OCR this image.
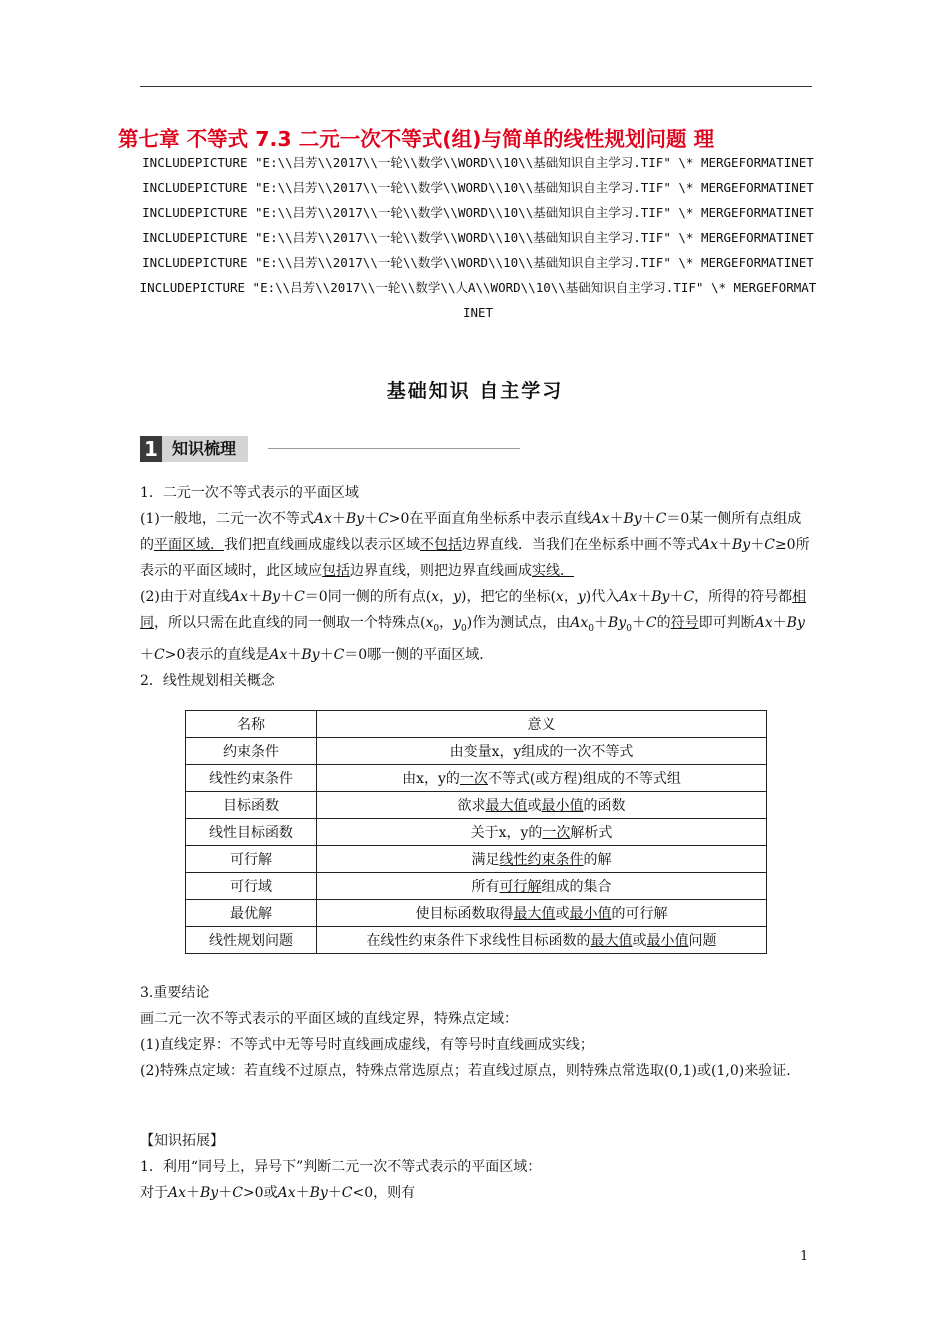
第七章 不等式 7.3 二元一次不等式(组)与简单的线性规划问题 理
INCLUDEPICTURE "E:\\吕芳\\2017\\一轮\\数学\\WORD\\10\\基础知识自主学习.TIF" \* MERGEFORMATINET INCLUDEPICTURE "E:\\吕芳\\2017\\一轮\\数学\\WORD\\10\\基础知识自主学习.TIF" \* MERGEFORMATINET INCLUDEPICTURE "E:\\吕芳\\2017\\一轮\\数学\\WORD\\10\\基础知识自主学习.TIF" \* MERGEFORMATINET INCLUDEPICTURE "E:\\吕芳\\2017\\一轮\\数学\\WORD\\10\\基础知识自主学习.TIF" \* MERGEFORMATINET INCLUDEPICTURE "E:\\吕芳\\2017\\一轮\\数学\\WORD\\10\\基础知识自主学习.TIF" \* MERGEFORMATINET INCLUDEPICTURE "E:\\吕芳\\2017\\一轮\\数学\\人A\\WORD\\10\\基础知识自主学习.TIF" \* MERGEFORMATINET
基础知识 自主学习
1 知识梳理

1．二元一次不等式表示的平面区域

(1)一般地，二元一次不等式Ax＋By＋C>0在平面直角坐标系中表示直线Ax＋By＋C＝0某一侧所有点组成的平面区域．我们把直线画成虚线以表示区域不包括边界直线．当我们在坐标系中画不等式Ax＋By＋C≥0所表示的平面区域时，此区域应包括边界直线，则把边界直线画成实线．

(2)由于对直线Ax＋By＋C＝0同一侧的所有点(x，y)，把它的坐标(x，y)代入Ax＋By＋C，所得的符号都相同，所以只需在此直线的同一侧取一个特殊点($x_0$，$y_0$)作为测试点，由$Ax_0+By_0+C$的符号即可判断Ax＋By＋C>0表示的直线是Ax＋By＋C＝0哪一侧的平面区域．

2．线性规划相关概念

名称	意义
约束条件	由变量x，y组成的一次不等式
线性约束条件	由x，y的一次不等式(或方程)组成的不等式组
目标函数	欲求最大值或最小值的函数
线性目标函数	关于x，y的一次解析式
可行解	满足线性约束条件的解
可行域	所有可行解组成的集合
最优解	使目标函数取得最大值或最小值的可行解
线性规划问题	在线性约束条件下求线性目标函数的最大值或最小值问题

3.重要结论

画二元一次不等式表示的平面区域的直线定界，特殊点定域：

(1)直线定界：不等式中无等号时直线画成虚线，有等号时直线画成实线；

(2)特殊点定域：若直线不过原点，特殊点常选原点；若直线过原点，则特殊点常选取(0,1)或(1,0)来验证．

【知识拓展】

1．利用“同号上，异号下”判断二元一次不等式表示的平面区域：

对于Ax＋By＋C>0或Ax＋By＋C<0，则有

1
